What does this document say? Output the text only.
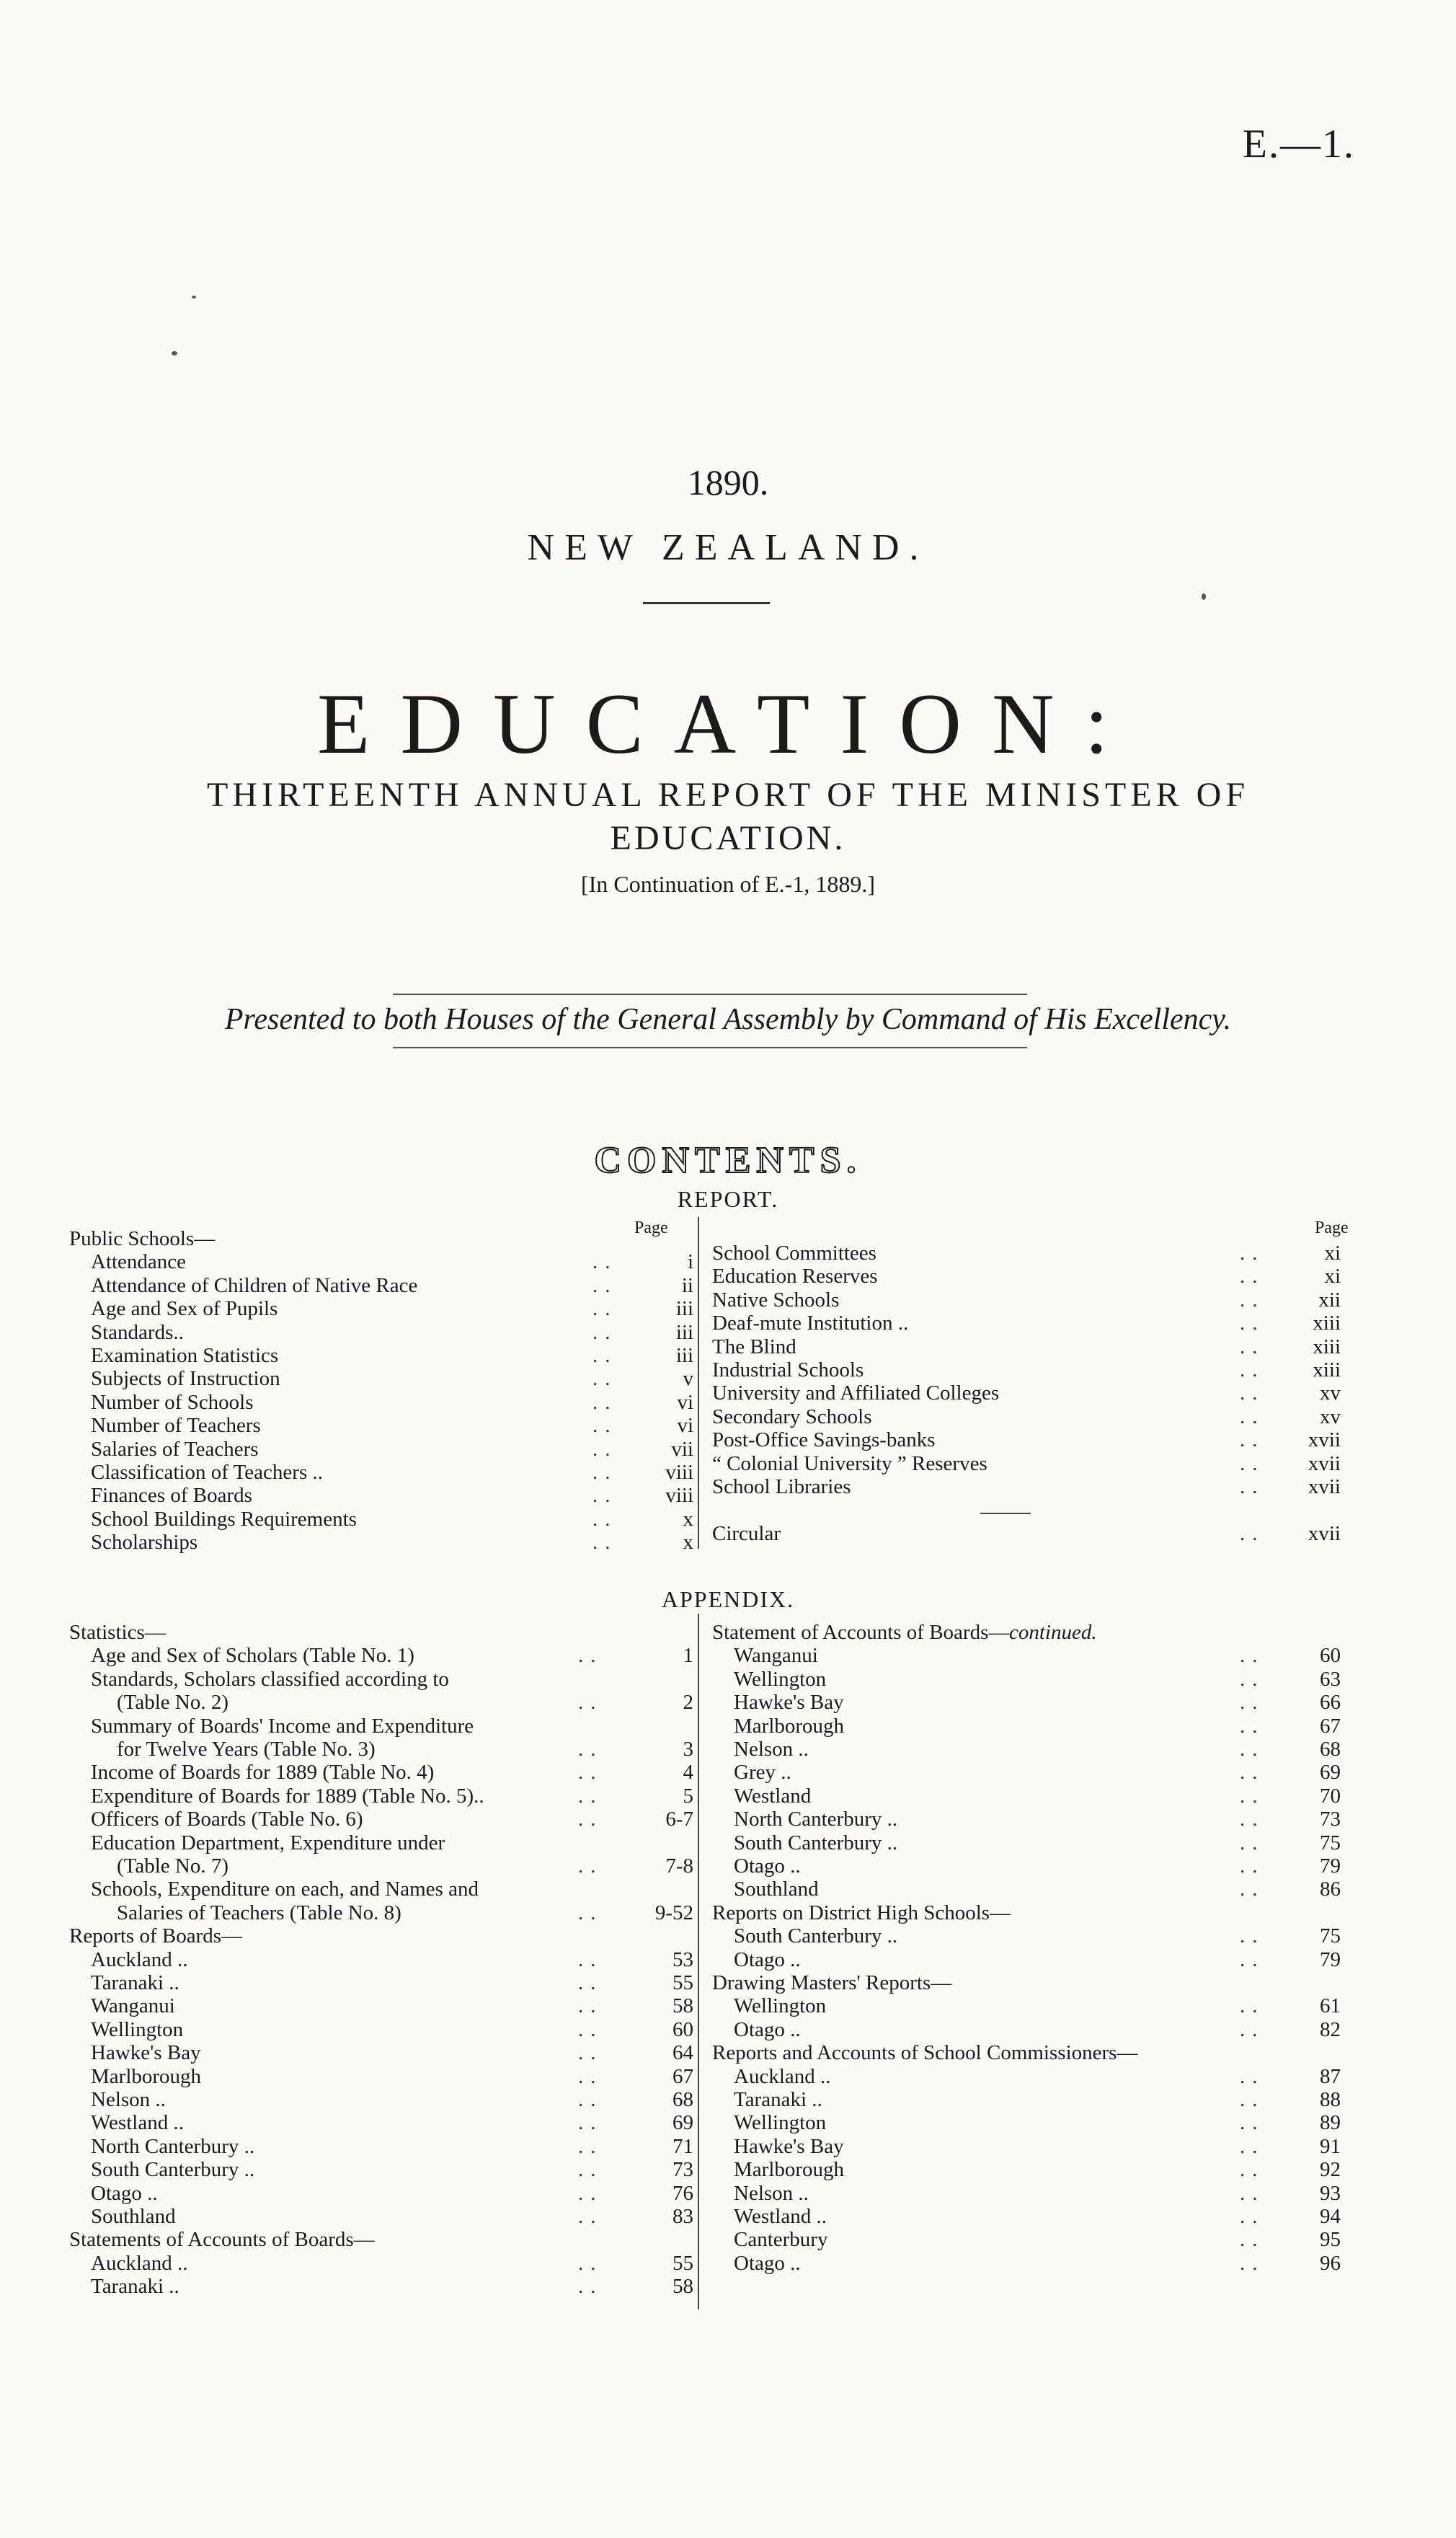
E.—1.
1890.
NEW ZEALAND.
EDUCATION:
THIRTEENTH ANNUAL REPORT OF THE MINISTER OF
EDUCATION.
[In Continuation of E.-1, 1889.]
Presented to both Houses of the General Assembly by Command of His Excellency.
CONTENTS.
REPORT.
APPENDIX.
Page	Page
Public Schools—
Attendance	..	i
Attendance of Children of Native Race	..	ii
Age and Sex of Pupils	..	iii
Standards..	..	iii
Examination Statistics	..	iii
Subjects of Instruction	..	v
Number of Schools	..	vi
Number of Teachers	..	vi
Salaries of Teachers	..	vii
Classification of Teachers ..	..	viii
Finances of Boards	..	viii
School Buildings Requirements	..	x
Scholarships	..	x
School Committees	..	xi
Education Reserves	..	xi
Native Schools	..	xii
Deaf-mute Institution ..	..	xiii
The Blind	..	xiii
Industrial Schools	..	xiii
University and Affiliated Colleges	..	xv
Secondary Schools	..	xv
Post-Office Savings-banks	..	xvii
“ Colonial University ” Reserves	..	xvii
School Libraries	..	xvii
Circular	..	xvii
Statistics—
Age and Sex of Scholars (Table No. 1)	..	1
Standards, Scholars classified according to
(Table No. 2)	..	2
Summary of Boards' Income and Expenditure
for Twelve Years (Table No. 3)	..	3
Income of Boards for 1889 (Table No. 4)	..	4
Expenditure of Boards for 1889 (Table No. 5)..	..	5
Officers of Boards (Table No. 6)	..	6-7
Education Department, Expenditure under
(Table No. 7)	..	7-8
Schools, Expenditure on each, and Names and
Salaries of Teachers (Table No. 8)	..	9-52
Reports of Boards—
Auckland ..	..	53
Taranaki ..	..	55
Wanganui	..	58
Wellington	..	60
Hawke's Bay	..	64
Marlborough	..	67
Nelson ..	..	68
Westland ..	..	69
North Canterbury ..	..	71
South Canterbury ..	..	73
Otago ..	..	76
Southland	..	83
Statements of Accounts of Boards—
Auckland ..	..	55
Taranaki ..	..	58
Statement of Accounts of Boards— continued.
Wanganui	..	60
Wellington	..	63
Hawke's Bay	..	66
Marlborough	..	67
Nelson ..	..	68
Grey ..	..	69
Westland	..	70
North Canterbury ..	..	73
South Canterbury ..	..	75
Otago ..	..	79
Southland	..	86
Reports on District High Schools—
South Canterbury ..	..	75
Otago ..	..	79
Drawing Masters' Reports—
Wellington	..	61
Otago ..	..	82
Reports and Accounts of School Commissioners—
Auckland ..	..	87
Taranaki ..	..	88
Wellington	..	89
Hawke's Bay	..	91
Marlborough	..	92
Nelson ..	..	93
Westland ..	..	94
Canterbury	..	95
Otago ..	..	96
